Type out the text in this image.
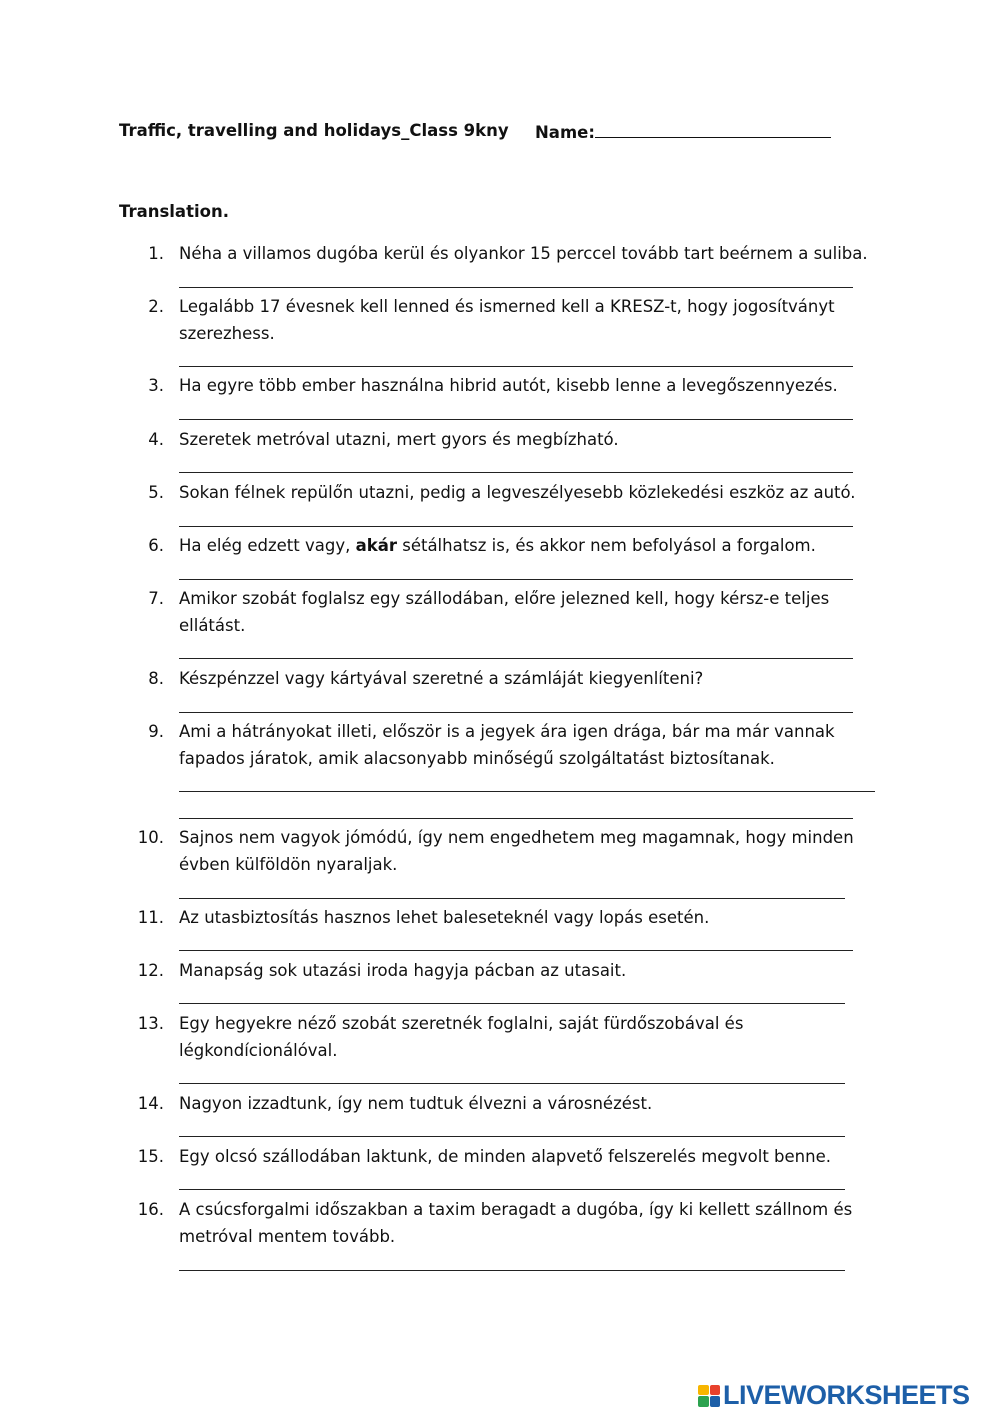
Traffic, travelling and holidays_Class 9kny Name:
Translation.
1. Néha a villamos dugóba kerül és olyankor 15 perccel tovább tart beérnem a suliba.
2. Legalább 17 évesnek kell lenned és ismerned kell a KRESZ-t, hogy jogosítványt
szerezhess.
3. Ha egyre több ember használna hibrid autót, kisebb lenne a levegőszennyezés.
4. Szeretek metróval utazni, mert gyors és megbízható.
5. Sokan félnek repülőn utazni, pedig a legveszélyesebb közlekedési eszköz az autó.
6. Ha elég edzett vagy, akár sétálhatsz is, és akkor nem befolyásol a forgalom.
7. Amikor szobát foglalsz egy szállodában, előre jelezned kell, hogy kérsz-e teljes
ellátást.
8. Készpénzzel vagy kártyával szeretné a számláját kiegyenlíteni?
9. Ami a hátrányokat illeti, először is a jegyek ára igen drága, bár ma már vannak
fapados járatok, amik alacsonyabb minőségű szolgáltatást biztosítanak.
10. Sajnos nem vagyok jómódú, így nem engedhetem meg magamnak, hogy minden
évben külföldön nyaraljak.
11. Az utasbiztosítás hasznos lehet baleseteknél vagy lopás esetén.
12. Manapság sok utazási iroda hagyja pácban az utasait.
13. Egy hegyekre néző szobát szeretnék foglalni, saját fürdőszobával és
légkondícionálóval.
14. Nagyon izzadtunk, így nem tudtuk élvezni a városnézést.
15. Egy olcsó szállodában laktunk, de minden alapvető felszerelés megvolt benne.
16. A csúcsforgalmi időszakban a taxim beragadt a dugóba, így ki kellett szállnom és
metróval mentem tovább.
LIVEWORKSHEETS
